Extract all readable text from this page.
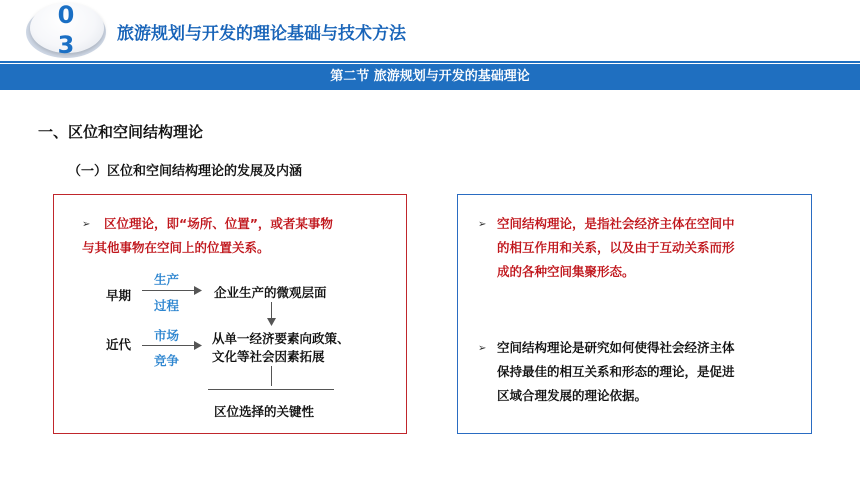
03	旅游规划与开发的理论基础与技术方法
第二节 旅游规划与开发的基础理论
一、区位和空间结构理论
（一）区位和空间结构理论的发展及内涵
➢ 区位理论，即“场所、位置”，或者某事物
与其他事物在空间上的位置关系。
早期
生产
过程
企业生产的微观层面
近代
市场
竞争
从单一经济要素向政策、
文化等社会因素拓展
区位选择的关键性
➢ 空间结构理论，是指社会经济主体在空间中
的相互作用和关系，以及由于互动关系而形
成的各种空间集聚形态。
➢ 空间结构理论是研究如何使得社会经济主体
保持最佳的相互关系和形态的理论，是促进
区域合理发展的理论依据。
